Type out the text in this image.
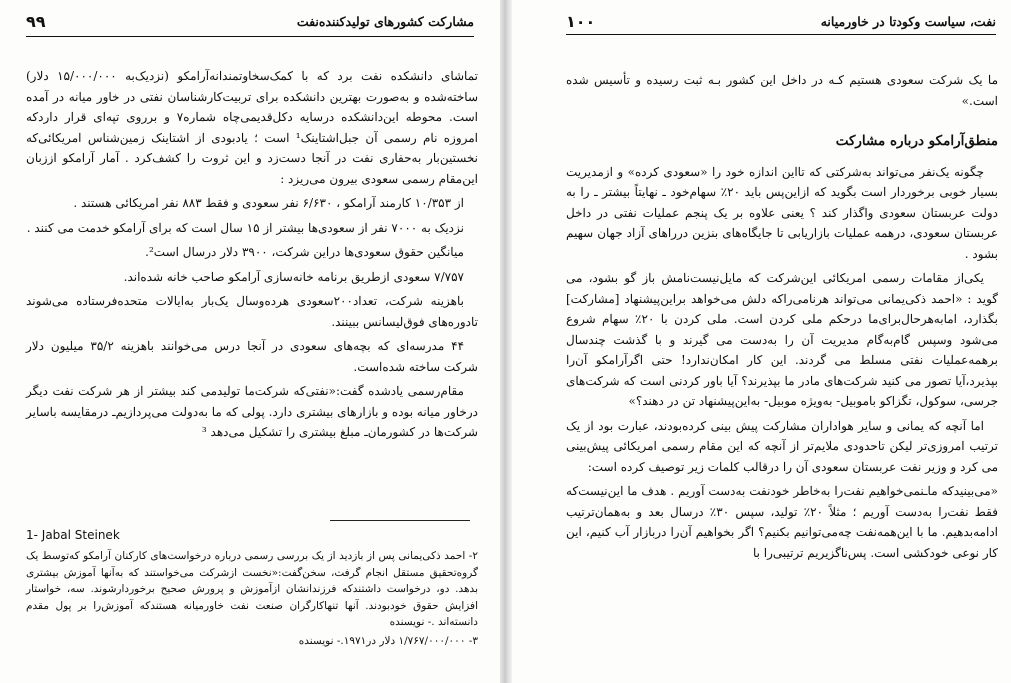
۹۹	مشارکت کشورهای تولیدکننده‌نفت

تماشای دانشکده نفت برد که با کمک‌سخاوتمندانه‌آرامکو (نزدیک‌به ۱۵/۰۰۰/۰۰۰ دلار) ساخته‌شده و به‌صورت بهترین دانشکده برای تربیت‌کارشناسان نفتی در خاور میانه در آمده است. محوطه این‌دانشکده درسایه دکل‌قدیمی‌چاه شماره۷ و برروی تپه‌ای قرار دارد‌که امروزه نام رسمی آن جبل‌اشتاینک¹ است ؛ یادبودی از اشتاینک زمین‌شناس امریکائی‌که نخستین‌بار به‌حفاری نفت در آنجا دست‌زد و این ثروت را کشف‌کرد . آمار آرامکو ازز‌بان این‌مقام رسمی سعودی بیرون می‌ریزد :

از ۱۰/۳۵۳ کارمند آرامکو ، ۶/۶۳۰ نفر سعودی و فقط ۸۸۳ نفر امریکائی هستند .

نزدیک به ۷۰۰۰ نفر از سعودی‌ها بیشتر از ۱۵ سال است که برای آرامکو خدمت می کنند .

میانگین حقوق سعودی‌ها دراین شرکت، ۳۹۰۰ دلار درسال است².

۷/۷۵۷ سعودی ازطریق برنامه خانه‌سازی آرامکو صاحب خانه شده‌اند.

باهزینه شرکت، تعداد۲۰۰سعودی هرده‌وسال یک‌بار به‌ایالات متحده‌فرستاده می‌شوند تادوره‌های فوق‌لیسانس ببینند.

۴۴ مدرسه‌ای که بچه‌های سعودی در آنجا درس می‌خوانند باهزینه ۳۵/۲ میلیون دلار شرکت ساخته شده‌است.

مقام‌رسمی یادشده گفت:«نفتی‌که شرکت‌ما تولیدمی کند بیشتر از هر شرکت نفت دیگر درخاور میانه بوده و بازارهای بیشتری دارد. پولی که ما به‌دولت می‌پردازیم‌ـ درمقایسه باسایر شرکت‌ها در کشورمان‌ـ مبلغ بیشتری را تشکیل می‌دهد ³

1- Jabal Steinek

۲- احمد ذکی‌یمانی پس از بازدید از یک بررسی رسمی درباره درخواست‌های کارکنان آرامکو که‌توسط یک گروه‌تحقیق مستقل انجام گرفت، سخن‌گفت:«نخست ازشرکت می‌خواستند که به‌آنها آموزش بیشتری بدهد. دو، درخواست داشتند‌که فرزندانشان ازآموزش و پرورش صحیح برخوردارشوند. سه، خواستار افزایش حقوق خودبودند. آنها تنهاکارگران صنعت نفت خاورمیانه هستند‌که آموزش‌را بر پول مقدم دانسته‌اند .- نویسنده

۳- ۱/۷۶۷/۰۰۰/۰۰۰ دلار در۱۹۷۱.- نویسنده

۱۰۰	نفت، سیاست وکودتا در خاورمیانه

ما یک شرکت سعودی هستیم کـه در داخل این کشور بـه ثبت رسیده و تأسیس شده است.»

منطق‌آرامکو درباره مشارکت

چگونه یک‌نفر می‌تواند به‌شرکتی که تااین اندازه خود را «سعودی کرده» و ازمدیریت بسیار خوبی برخوردار است بگوید که ازاین‌پس باید ۲۰٪ سهام‌خود ـ نهایتاً بیشتر ـ را به دولت عربستان سعودی واگذار کند ؟ یعنی علاوه بر یک پنجم عملیات نفتی در داخل عربستان سعودی، درهمه عملیات بازاریابی تا جایگاه‌های بنزین دررا‌های آزاد جهان سهیم بشود .

یکی‌از مقامات رسمی امریکائی این‌شرکت که مایل‌نیست‌نامش باز گو بشود، می گوید : «احمد ذکی‌یمانی می‌تواند هرنامی‌راکه دلش می‌خواهد براین‌پیشنهاد [مشارکت] بگذارد، امابه‌هرحال‌برای‌ما درحکم ملی کردن است. ملی کردن با ۲۰٪ سهام شروع می‌شود وسپس گام‌به‌گام مدیریت آن را به‌دست می گیرند و با گذشت چندسال برهمه‌عملیات نفتی مسلط می گردند. این کار امکان‌ندارد! حتی اگرآرامکو آن‌را بپذیرد،آیا تصور می کنید شرکت‌های مادر ما بپذیرند؟ آیا باور کردنی است که شرکت‌های جرسی، سوکول، تگزاکو باموبیل- به‌ویژه موبیل- به‌این‌پیشنهاد تن در دهند؟»

اما آنچه که یمانی و سایر هواداران مشارکت پیش بینی کرده‌بودند، عبارت بود از یک ترتیب امروزی‌تر لیکن تاحدودی ملایم‌تر از آنچه که این مقام رسمی امریکائی پیش‌بینی می کرد و وزیر نفت عربستان سعودی آن را درقالب کلمات زیر توصیف کرده است:

«می‌بینید‌که ماـنمی‌خواهیم نفت‌را به‌خاطر خودنفت به‌دست آوریم . هدف ما این‌نیست‌که فقط نفت‌را به‌دست آوریم ؛ مثلاً ۲۰٪ تولید، سپس ۳۰٪ درسال بعد و به‌همان‌ترتیب ادامه‌بدهیم. ما با این‌همه‌نفت چه‌می‌توانیم بکنیم؟ اگر بخواهیم آن‌را دربازار آب کنیم، این کار نوعی خودکشی است. پس‌ناگزیریم ترتیبی‌را با
